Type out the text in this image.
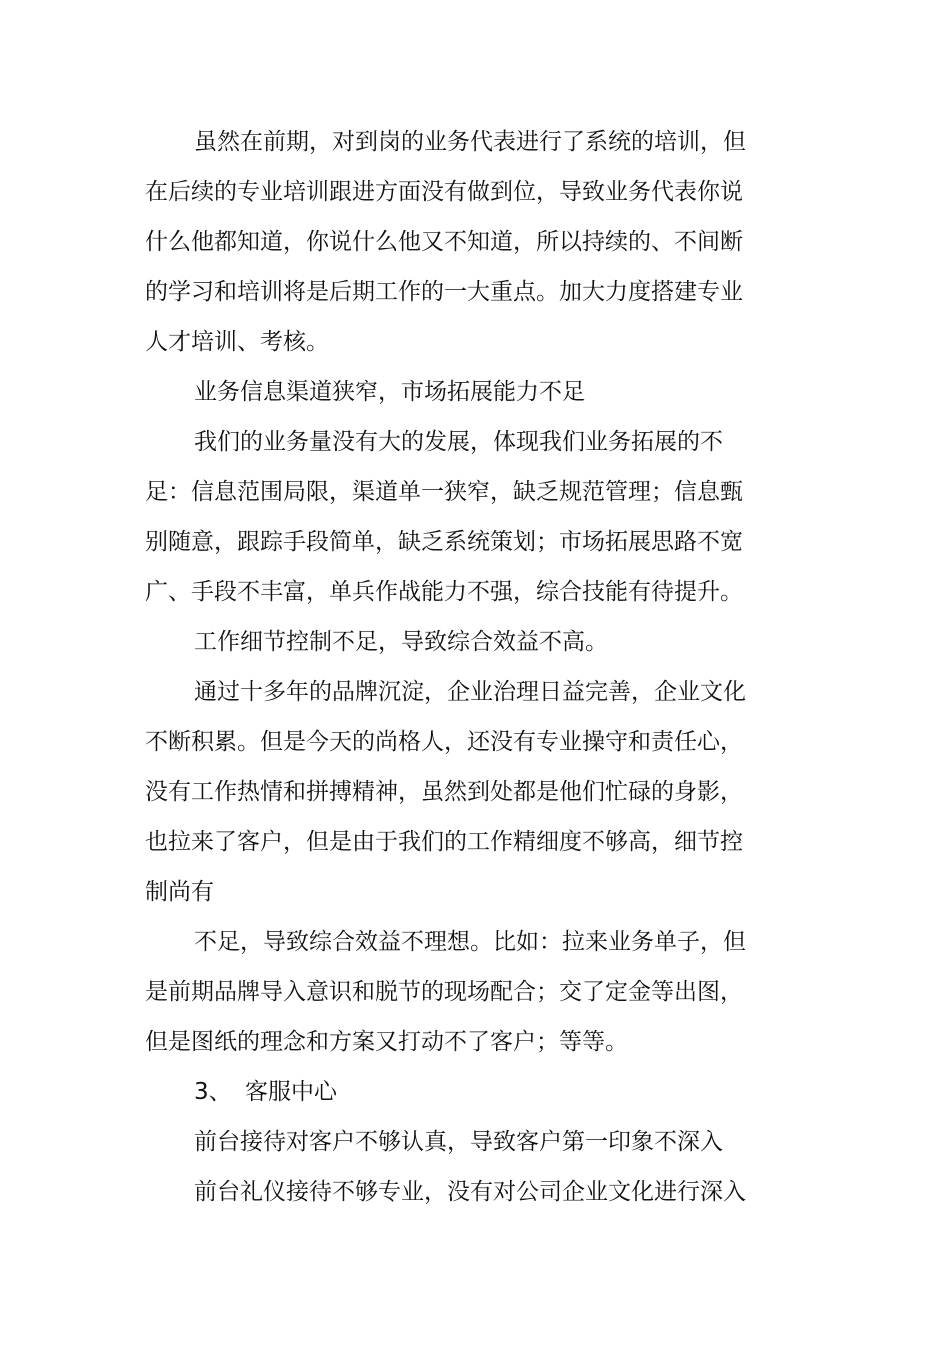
虽然在前期，对到岗的业务代表进行了系统的培训，但
在后续的专业培训跟进方面没有做到位，导致业务代表你说
什么他都知道，你说什么他又不知道，所以持续的、不间断
的学习和培训将是后期工作的一大重点。加大力度搭建专业
人才培训、考核。
业务信息渠道狭窄，市场拓展能力不足
我们的业务量没有大的发展，体现我们业务拓展的不
足：信息范围局限，渠道单一狭窄，缺乏规范管理；信息甄
别随意，跟踪手段简单，缺乏系统策划；市场拓展思路不宽
广、手段不丰富，单兵作战能力不强，综合技能有待提升。
工作细节控制不足，导致综合效益不高。
通过十多年的品牌沉淀，企业治理日益完善，企业文化
不断积累。但是今天的尚格人，还没有专业操守和责任心，
没有工作热情和拼搏精神，虽然到处都是他们忙碌的身影，
也拉来了客户，但是由于我们的工作精细度不够高，细节控
制尚有
不足，导致综合效益不理想。比如：拉来业务单子，但
是前期品牌导入意识和脱节的现场配合；交了定金等出图，
但是图纸的理念和方案又打动不了客户；等等。
3、 客服中心
前台接待对客户不够认真，导致客户第一印象不深入
前台礼仪接待不够专业，没有对公司企业文化进行深入
